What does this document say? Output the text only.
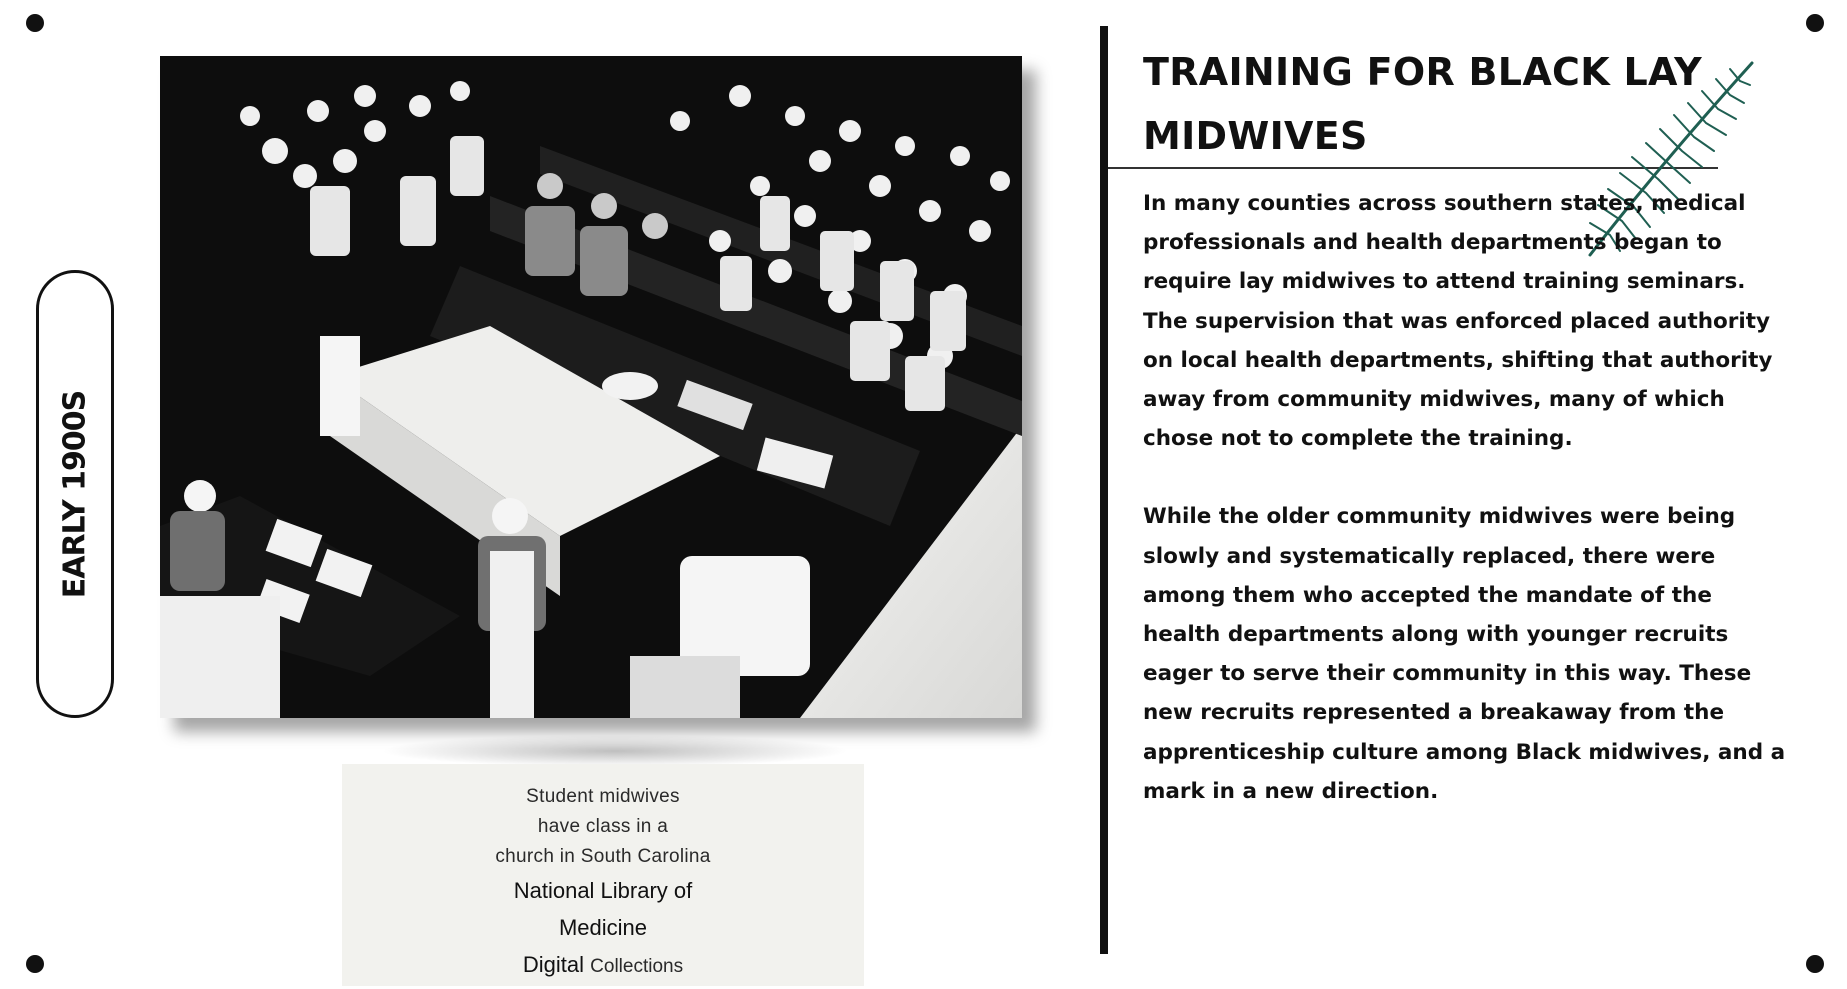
EARLY 1900S
Student midwives
have class in a
church in South Carolina
National Library of
Medicine
Digital Collections
TRAINING FOR BLACK LAY MIDWIVES

In many counties across southern states, medical professionals and health departments began to require lay midwives to attend training seminars. The supervision that was enforced placed authority on local health departments, shifting that authority away from community midwives, many of which chose not to complete the training.

While the older community midwives were being slowly and systematically replaced, there were among them who accepted the mandate of the health departments along with younger recruits eager to serve their community in this way. These new recruits represented a breakaway from the apprenticeship culture among Black midwives, and a mark in a new direction.
